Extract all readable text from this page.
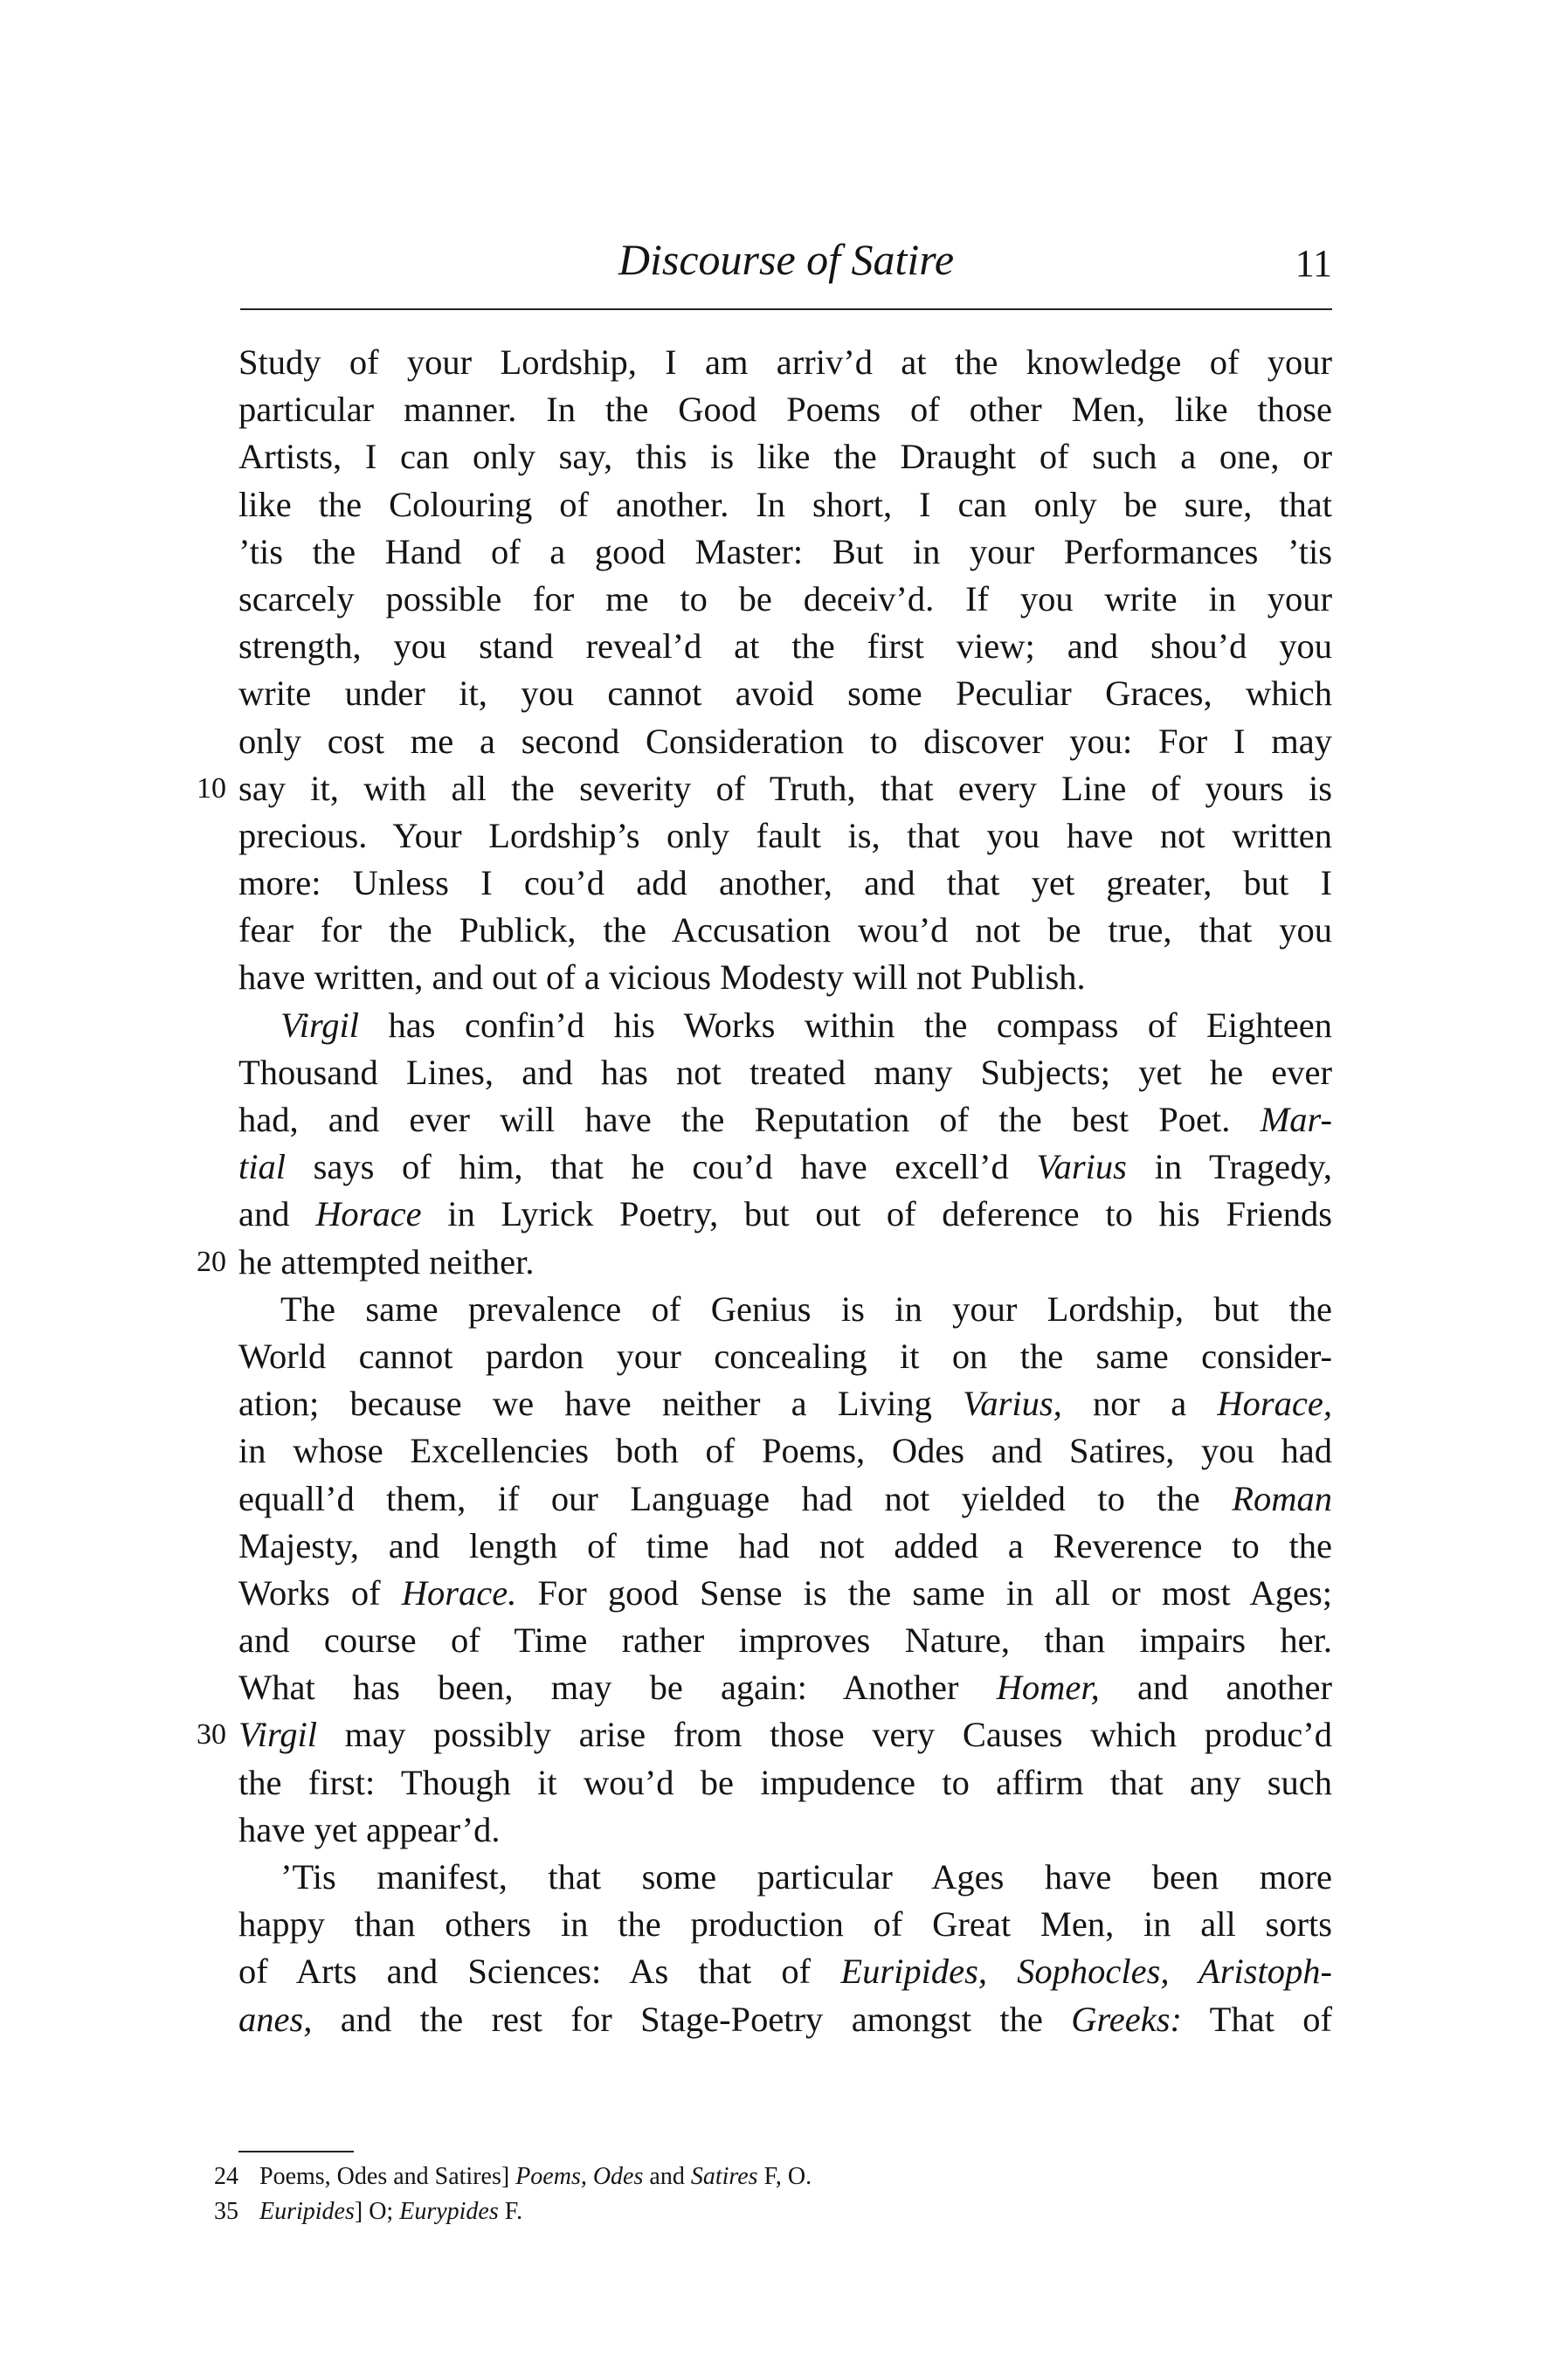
Discourse of Satire	11
Study of your Lordship, I am arriv’d at the knowledge of your
particular manner. In the Good Poems of other Men, like those
Artists, I can only say, this is like the Draught of such a one, or
like the Colouring of another. In short, I can only be sure, that
’tis the Hand of a good Master: But in your Performances ’tis
scarcely possible for me to be deceiv’d. If you write in your
strength, you stand reveal’d at the first view; and shou’d you
write under it, you cannot avoid some Peculiar Graces, which
only cost me a second Consideration to discover you: For I may
10 say it, with all the severity of Truth, that every Line of yours is
precious. Your Lordship’s only fault is, that you have not written
more: Unless I cou’d add another, and that yet greater, but I
fear for the Publick, the Accusation wou’d not be true, that you
have written, and out of a vicious Modesty will not Publish.
Virgil has confin’d his Works within the compass of Eighteen
Thousand Lines, and has not treated many Subjects; yet he ever
had, and ever will have the Reputation of the best Poet. Mar-
tial says of him, that he cou’d have excell’d Varius in Tragedy,
and Horace in Lyrick Poetry, but out of deference to his Friends
20 he attempted neither.
The same prevalence of Genius is in your Lordship, but the
World cannot pardon your concealing it on the same consider-
ation; because we have neither a Living Varius, nor a Horace,
in whose Excellencies both of Poems, Odes and Satires, you had
equall’d them, if our Language had not yielded to the Roman
Majesty, and length of time had not added a Reverence to the
Works of Horace. For good Sense is the same in all or most Ages;
and course of Time rather improves Nature, than impairs her.
What has been, may be again: Another Homer, and another
30 Virgil may possibly arise from those very Causes which produc’d
the first: Though it wou’d be impudence to affirm that any such
have yet appear’d.
’Tis manifest, that some particular Ages have been more
happy than others in the production of Great Men, in all sorts
of Arts and Sciences: As that of Euripides, Sophocles, Aristoph-
anes, and the rest for Stage-Poetry amongst the Greeks: That of
24 Poems, Odes and Satires] Poems, Odes and Satires F, O.
35 Euripides] O; Eurypides F.
